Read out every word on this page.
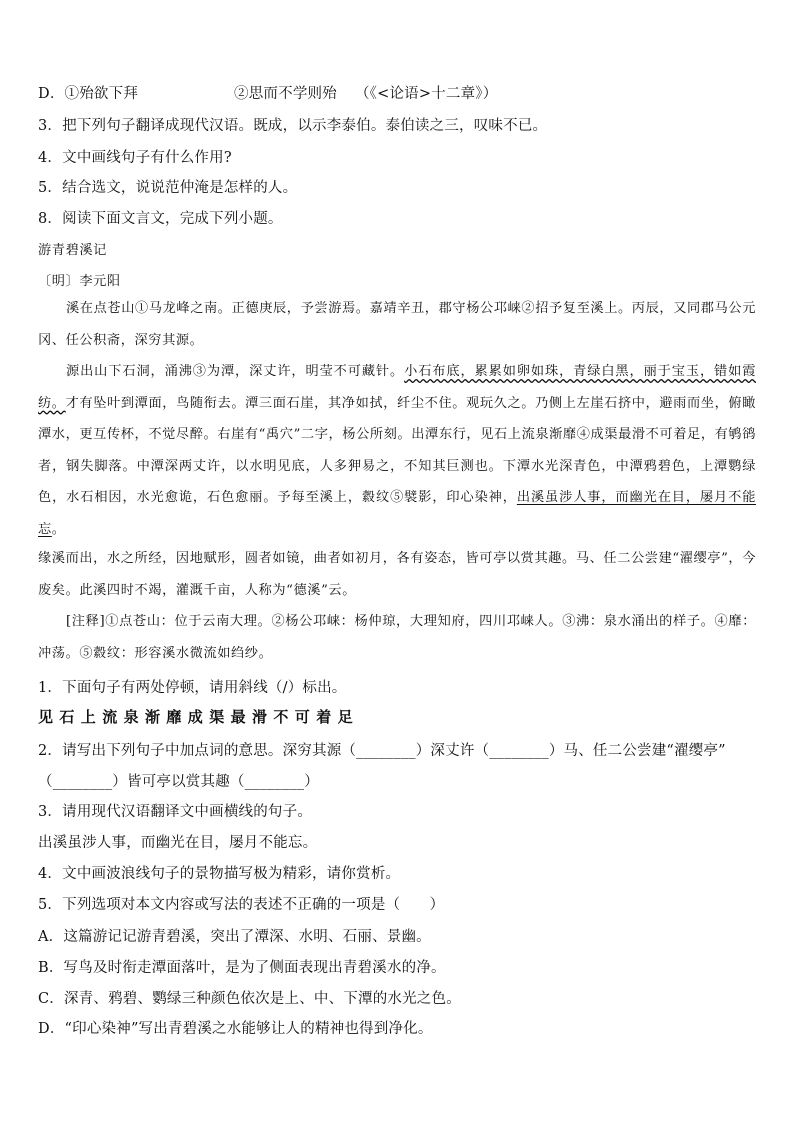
D．①殆欲下拜	②思而不学则殆 （《<论语>十二章》）
3．把下列句子翻译成现代汉语。既成，以示李泰伯。泰伯读之三，叹味不已。
4．文中画线句子有什么作用?
5．结合选文，说说范仲淹是怎样的人。
8．阅读下面文言文，完成下列小题。
游青碧溪记
〔明〕李元阳
溪在点苍山①马龙峰之南。正德庚辰，予尝游焉。嘉靖辛丑，郡守杨公邛崃②招予复至溪上。丙辰，又同郡马公元冈、任公积斋，深穷其源。
源出山下石洞，涌沸③为潭，深丈许，明莹不可藏针。小石布底，累累如卵如珠，青绿白黑，丽于宝玉，错如霞纺。才有坠叶到潭面，鸟随衔去。潭三面石崖，其净如拭，纤尘不住。观玩久之。乃侧上左崖石挤中，避雨而坐，俯瞰潭水，更互传杯，不觉尽醉。右崖有“禹穴”二字，杨公所刻。出潭东行，见石上流泉渐靡④成渠最滑不可着足，有鸲鹆者，钢失脚落。中潭深两丈许，以水明见底，人多狎易之，不知其巨测也。下潭水光深青色，中潭鸦碧色，上潭鹦绿色，水石相因，水光愈诡，石色愈丽。予每至溪上，縠纹⑤襞影，印心染神，出溪虽涉人事，而幽光在目，屡月不能忘。
缘溪而出，水之所经，因地赋形，圆者如镜，曲者如初月，各有姿态，皆可亭以赏其趣。马、任二公尝建“濯缨亭”，今废矣。此溪四时不竭，灌溉千亩，人称为“德溪”云。
[注释]①点苍山：位于云南大理。②杨公邛崃：杨仲琼，大理知府，四川邛崃人。③沸：泉水涌出的样子。④靡：冲荡。⑤縠纹：形容溪水微流如绉纱。
1．下面句子有两处停顿，请用斜线（/）标出。
见石上流泉渐靡成渠最滑不可着足
2．请写出下列句子中加点词的意思。深穷其源（________）深丈许（________）马、任二公尝建“濯缨亭”
（________）皆可亭以赏其趣（________）
3．请用现代汉语翻译文中画横线的句子。
出溪虽涉人事，而幽光在目，屡月不能忘。
4．文中画波浪线句子的景物描写极为精彩，请你赏析。
5．下列选项对本文内容或写法的表述不正确的一项是（　　）
A．这篇游记记游青碧溪，突出了潭深、水明、石丽、景幽。
B．写鸟及时衔走潭面落叶，是为了侧面表现出青碧溪水的净。
C．深青、鸦碧、鹦绿三种颜色依次是上、中、下潭的水光之色。
D．“印心染神”写出青碧溪之水能够让人的精神也得到净化。
